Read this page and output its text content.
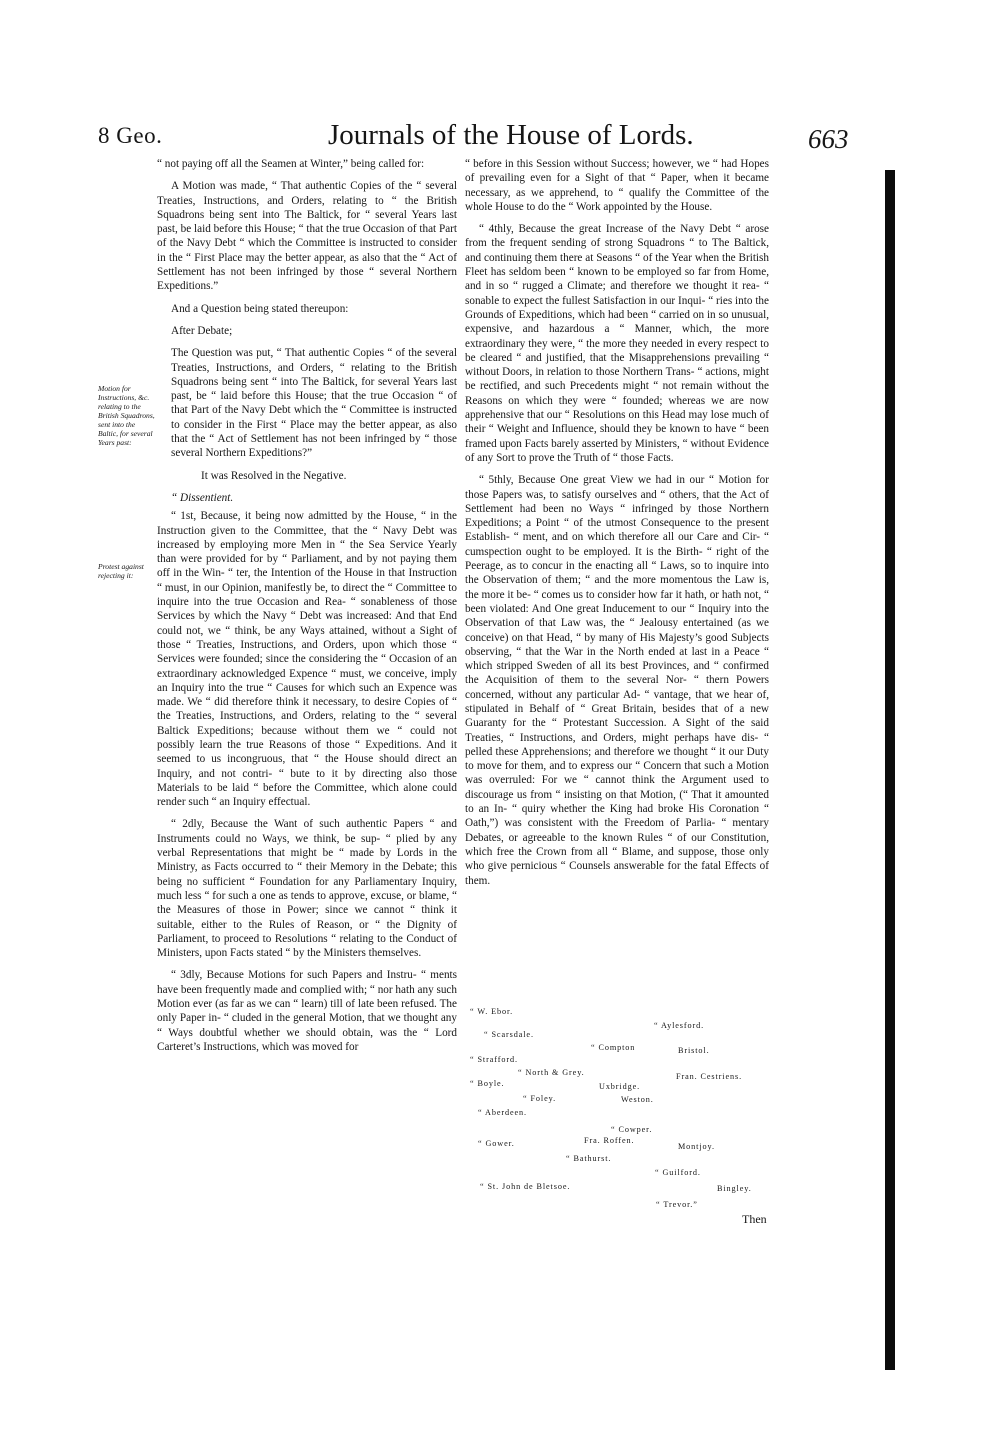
8 Geo.	Journals of the House of Lords.	663
Motion for Instructions, &c. relating to the British Squadrons, sent into the Baltic, for several Years past:
Protest against rejecting it:

“ not paying off all the Seamen at Winter,” being called for:

A Motion was made, “ That authentic Copies of the “ several Treaties, Instructions, and Orders, relating to “ the British Squadrons being sent into The Baltick, for “ several Years last past, be laid before this House; “ that the true Occasion of that Part of the Navy Debt “ which the Committee is instructed to consider in the “ First Place may the better appear, as also that the “ Act of Settlement has not been infringed by those “ several Northern Expeditions.”

And a Question being stated thereupon:

After Debate;

The Question was put, “ That authentic Copies “ of the several Treaties, Instructions, and Orders, “ relating to the British Squadrons being sent “ into The Baltick, for several Years last past, be “ laid before this House; that the true Occasion “ of that Part of the Navy Debt which the “ Committee is instructed to consider in the First “ Place may the better appear, as also that the “ Act of Settlement has not been infringed by “ those several Northern Expeditions?”

It was Resolved in the Negative.

“ Dissentient.

“ 1st, Because, it being now admitted by the House, “ in the Instruction given to the Committee, that the “ Navy Debt was increased by employing more Men in “ the Sea Service Yearly than were provided for by “ Parliament, and by not paying them off in the Win- “ ter, the Intention of the House in that Instruction “ must, in our Opinion, manifestly be, to direct the “ Committee to inquire into the true Occasion and Rea- “ sonableness of those Services by which the Navy “ Debt was increased: And that End could not, we “ think, be any Ways attained, without a Sight of those “ Treaties, Instructions, and Orders, upon which those “ Services were founded; since the considering the “ Occasion of an extraordinary acknowledged Expence “ must, we conceive, imply an Inquiry into the true “ Causes for which such an Expence was made. We “ did therefore think it necessary, to desire Copies of “ the Treaties, Instructions, and Orders, relating to the “ several Baltick Expeditions; because without them we “ could not possibly learn the true Reasons of those “ Expeditions. And it seemed to us incongruous, that “ the House should direct an Inquiry, and not contri- “ bute to it by directing also those Materials to be laid “ before the Committee, which alone could render such “ an Inquiry effectual.

“ 2dly, Because the Want of such authentic Papers “ and Instruments could no Ways, we think, be sup- “ plied by any verbal Representations that might be “ made by Lords in the Ministry, as Facts occurred to “ their Memory in the Debate; this being no sufficient “ Foundation for any Parliamentary Inquiry, much less “ for such a one as tends to approve, excuse, or blame, “ the Measures of those in Power; since we cannot “ think it suitable, either to the Rules of Reason, or “ the Dignity of Parliament, to proceed to Resolutions “ relating to the Conduct of Ministers, upon Facts stated “ by the Ministers themselves.

“ 3dly, Because Motions for such Papers and Instru- “ ments have been frequently made and complied with; “ nor hath any such Motion ever (as far as we can “ learn) till of late been refused. The only Paper in- “ cluded in the general Motion, that we thought any “ Ways doubtful whether we should obtain, was the “ Lord Carteret’s Instructions, which was moved for

“ before in this Session without Success; however, we “ had Hopes of prevailing even for a Sight of that “ Paper, when it became necessary, as we apprehend, to “ qualify the Committee of the whole House to do the “ Work appointed by the House.

“ 4thly, Because the great Increase of the Navy Debt “ arose from the frequent sending of strong Squadrons “ to The Baltick, and continuing them there at Seasons “ of the Year when the British Fleet has seldom been “ known to be employed so far from Home, and in so “ rugged a Climate; and therefore we thought it rea- “ sonable to expect the fullest Satisfaction in our Inqui- “ ries into the Grounds of Expeditions, which had been “ carried on in so unusual, expensive, and hazardous a “ Manner, which, the more extraordinary they were, “ the more they needed in every respect to be cleared “ and justified, that the Misapprehensions prevailing “ without Doors, in relation to those Northern Trans- “ actions, might be rectified, and such Precedents might “ not remain without the Reasons on which they were “ founded; whereas we are now apprehensive that our “ Resolutions on this Head may lose much of their “ Weight and Influence, should they be known to have “ been framed upon Facts barely asserted by Ministers, “ without Evidence of any Sort to prove the Truth of “ those Facts.

“ 5thly, Because One great View we had in our “ Motion for those Papers was, to satisfy ourselves and “ others, that the Act of Settlement had been no Ways “ infringed by those Northern Expeditions; a Point “ of the utmost Consequence to the present Establish- “ ment, and on which therefore all our Care and Cir- “ cumspection ought to be employed. It is the Birth- “ right of the Peerage, as to concur in the enacting all “ Laws, so to inquire into the Observation of them; “ and the more momentous the Law is, the more it be- “ comes us to consider how far it hath, or hath not, “ been violated: And One great Inducement to our “ Inquiry into the Observation of that Law was, the “ Jealousy entertained (as we conceive) on that Head, “ by many of His Majesty’s good Subjects observing, “ that the War in the North ended at last in a Peace “ which stripped Sweden of all its best Provinces, and “ confirmed the Acquisition of them to the several Nor- “ thern Powers concerned, without any particular Ad- “ vantage, that we hear of, stipulated in Behalf of “ Great Britain, besides that of a new Guaranty for the “ Protestant Succession. A Sight of the said Treaties, “ Instructions, and Orders, might perhaps have dis- “ pelled these Apprehensions; and therefore we thought “ it our Duty to move for them, and to express our “ Concern that such a Motion was overruled: For we “ cannot think the Argument used to discourage us from “ insisting on that Motion, (“ That it amounted to an In- “ quiry whether the King had broke His Coronation “ Oath,”) was consistent with the Freedom of Parlia- “ mentary Debates, or agreeable to the known Rules “ of our Constitution, which free the Crown from all “ Blame, and suppose, those only who give pernicious “ Counsels answerable for the fatal Effects of them.

“ W. Ebor.
“ Aylesford.
“ Scarsdale.
“ Compton	Bristol.
“ Strafford.
“ North & Grey.	Fran. Cestriens.
“ Boyle.	Uxbridge.
“ Foley.	Weston.
“ Aberdeen.
“ Cowper.
“ Gower.	Fra. Roffen.
Montjoy.
“ Bathurst.
“ Guilford.
“ St. John de Bletsoe.	Bingley.
“ Trevor.”
Then
